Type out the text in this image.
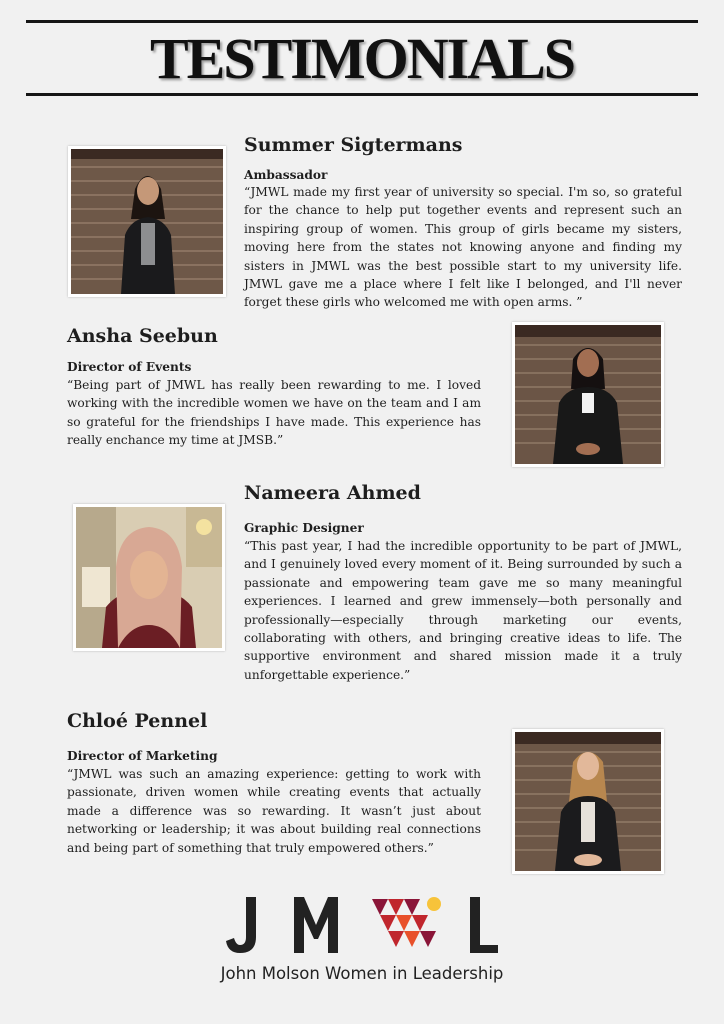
TESTIMONIALS
Summer Sigtermans
Ambassador

“JMWL made my first year of university so special. I'm so, so grateful for the chance to help put together events and represent such an inspiring group of women. This group of girls became my sisters, moving here from the states not knowing anyone and finding my sisters in JMWL was the best possible start to my university life. JMWL gave me a place where I felt like I belonged, and I'll never forget these girls who welcomed me with open arms. ”

Ansha Seebun
Director of Events

“Being part of JMWL has really been rewarding to me. I loved working with the incredible women we have on the team and I am so grateful for the friendships I have made. This experience has really enchance my time at JMSB.”

Nameera Ahmed
Graphic Designer

“This past year, I had the incredible opportunity to be part of JMWL, and I genuinely loved every moment of it. Being surrounded by such a passionate and empowering team gave me so many meaningful experiences. I learned and grew immensely—both personally and professionally—especially through marketing our events, collaborating with others, and bringing creative ideas to life. The supportive environment and shared mission made it a truly unforgettable experience.”

Chloé Pennel
Director of Marketing

“JMWL was such an amazing experience: getting to work with passionate, driven women while creating events that actually made a difference was so rewarding. It wasn’t just about networking or leadership; it was about building real connections and being part of something that truly empowered others.”

John Molson Women in Leadership
